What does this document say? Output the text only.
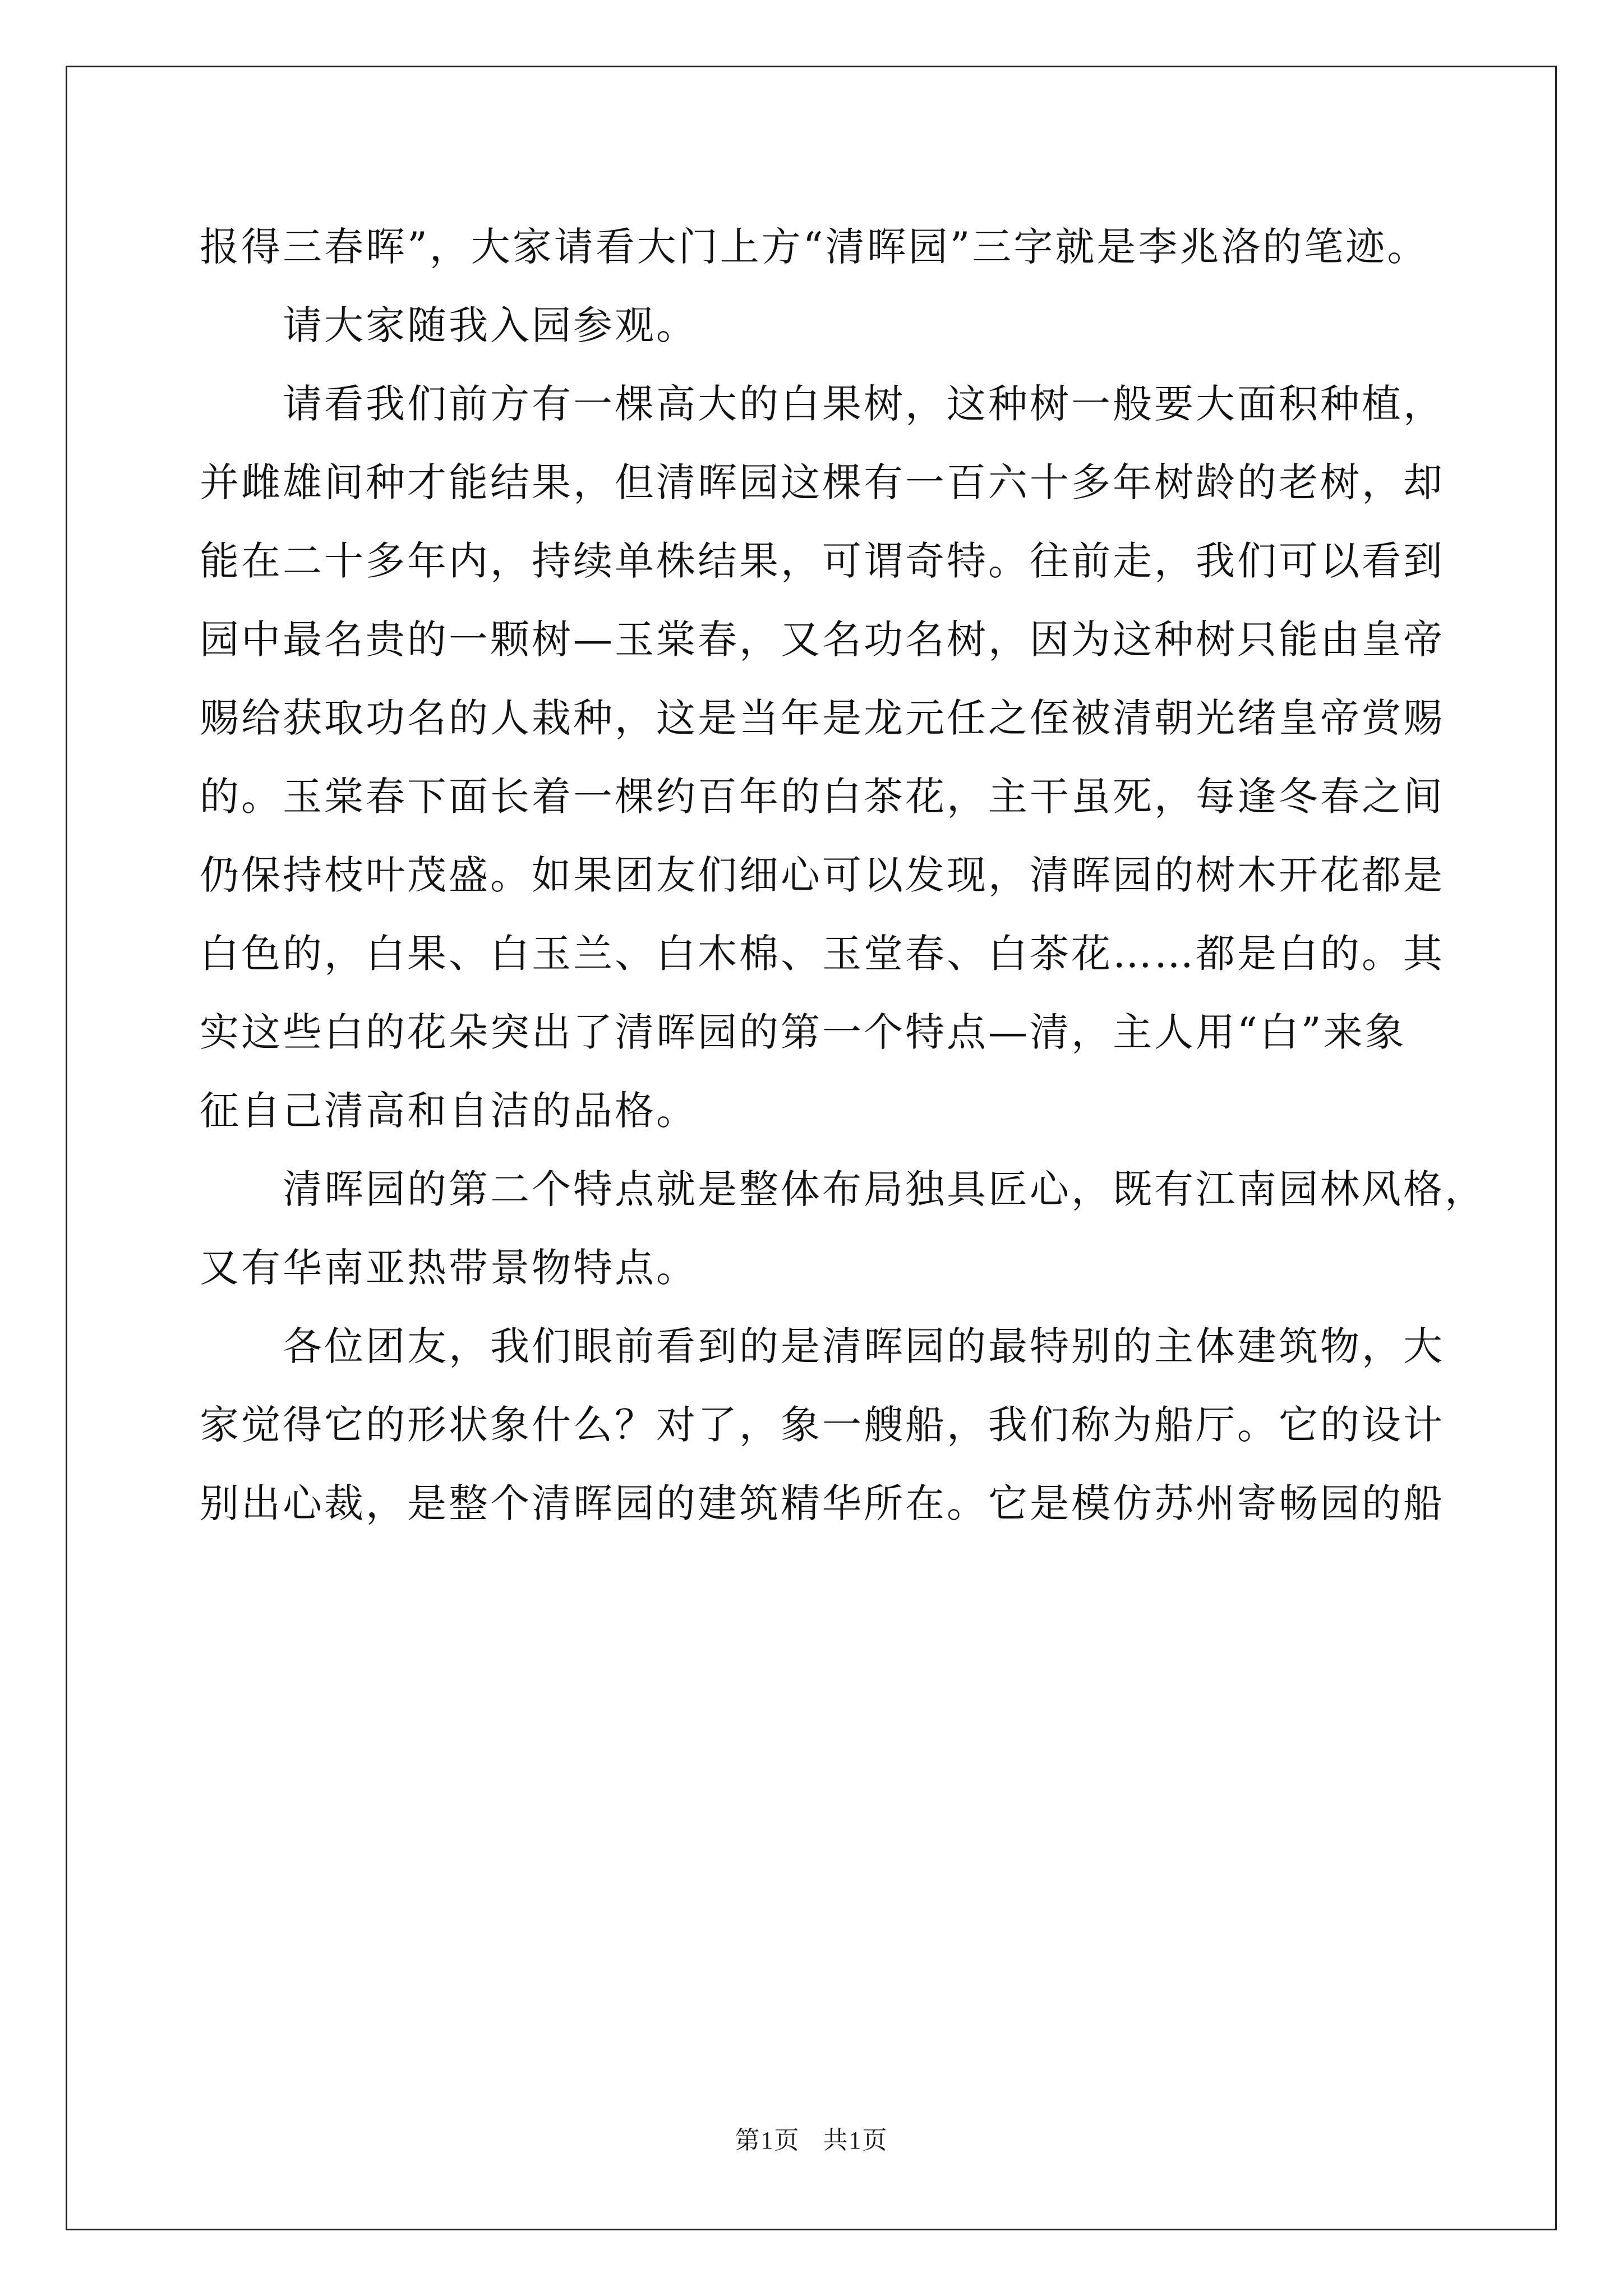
报得三春晖”，大家请看大门上方“清晖园”三字就是李兆洛的笔迹。

　　请大家随我入园参观。

　　请看我们前方有一棵高大的白果树，这种树一般要大面积种植，

并雌雄间种才能结果，但清晖园这棵有一百六十多年树龄的老树，却

能在二十多年内，持续单株结果，可谓奇特。往前走，我们可以看到

园中最名贵的一颗树—玉棠春，又名功名树，因为这种树只能由皇帝

赐给获取功名的人栽种，这是当年是龙元任之侄被清朝光绪皇帝赏赐

的。玉棠春下面长着一棵约百年的白茶花，主干虽死，每逢冬春之间

仍保持枝叶茂盛。如果团友们细心可以发现，清晖园的树木开花都是

白色的，白果、白玉兰、白木棉、玉堂春、白茶花……都是白的。其

实这些白的花朵突出了清晖园的第一个特点—清，主人用“白”来象

征自己清高和自洁的品格。

　　清晖园的第二个特点就是整体布局独具匠心，既有江南园林风格，

又有华南亚热带景物特点。

　　各位团友，我们眼前看到的是清晖园的最特别的主体建筑物，大

家觉得它的形状象什么？对了，象一艘船，我们称为船厅。它的设计

别出心裁，是整个清晖园的建筑精华所在。它是模仿苏州寄畅园的船

第1页 共1页
